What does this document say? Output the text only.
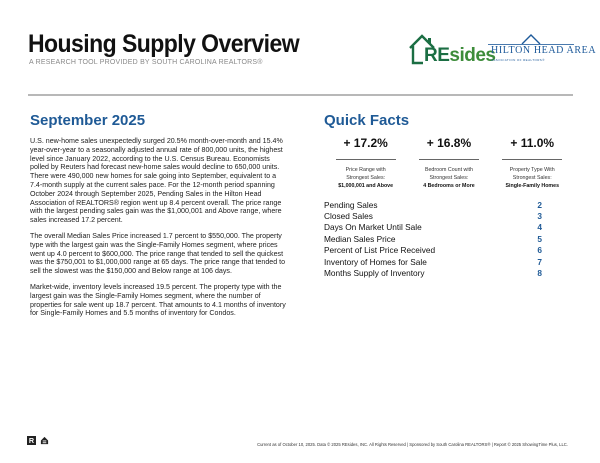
Housing Supply Overview
A RESEARCH TOOL PROVIDED BY SOUTH CAROLINA REALTORS®	REsides
HILTON HEAD AREA
ASSOCIATION OF REALTORS®
September 2025

U.S. new-home sales unexpectedly surged 20.5% month-over-month and 15.4% year-over-year to a seasonally adjusted annual rate of 800,000 units, the highest level since January 2022, according to the U.S. Census Bureau. Economists polled by Reuters had forecast new-home sales would decline to 650,000 units. There were 490,000 new homes for sale going into September, equivalent to a 7.4-month supply at the current sales pace. For the 12-month period spanning October 2024 through September 2025, Pending Sales in the Hilton Head Association of REALTORS® region went up 8.4 percent overall. The price range with the largest pending sales gain was the $1,000,001 and Above range, where sales increased 17.2 percent.

The overall Median Sales Price increased 1.7 percent to $550,000. The property type with the largest gain was the Single-Family Homes segment, where prices went up 4.0 percent to $600,000. The price range that tended to sell the quickest was the $750,001 to $1,000,000 range at 65 days. The price range that tended to sell the slowest was the $150,000 and Below range at 106 days.

Market-wide, inventory levels increased 19.5 percent. The property type with the largest gain was the Single-Family Homes segment, where the number of properties for sale went up 18.7 percent. That amounts to 4.1 months of inventory for Single-Family Homes and 5.5 months of inventory for Condos.

Quick Facts
+ 17.2%
Price Range with
Strongest Sales:
$1,000,001 and Above
+ 16.8%
Bedroom Count with
Strongest Sales:
4 Bedrooms or More
+ 11.0%
Property Type With
Strongest Sales:
Single-Family Homes
Pending Sales	2
Closed Sales	3
Days On Market Until Sale	4
Median Sales Price	5
Percent of List Price Received	6
Inventory of Homes for Sale	7
Months Supply of Inventory	8
R	Current as of October 10, 2025. Data © 2025 REsides, INC. All Rights Reserved | Sponsored by South Carolina REALTORS® | Report © 2025 ShowingTime Plus, LLC.
